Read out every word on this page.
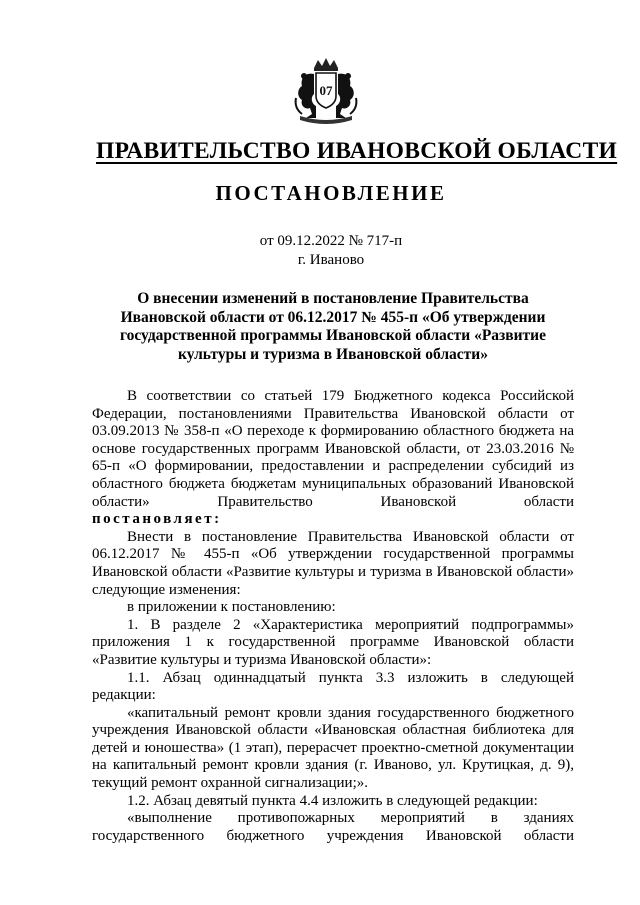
07
ПРАВИТЕЛЬСТВО ИВАНОВСКОЙ ОБЛАСТИ
ПОСТАНОВЛЕНИЕ
от 09.12.2022 № 717-п
г. Иваново
О внесении изменений в постановление Правительства
Ивановской области от 06.12.2017 № 455-п «Об утверждении
государственной программы Ивановской области «Развитие
культуры и туризма в Ивановской области»

В соответствии со статьей 179 Бюджетного кодекса Российской Федерации, постановлениями Правительства Ивановской области от 03.09.2013 № 358-п «О переходе к формированию областного бюджета на основе государственных программ Ивановской области, от 23.03.2016 № 65-п «О формировании, предоставлении и распределении субсидий из областного бюджета бюджетам муниципальных образований Ивановской области» Правительство Ивановской области

постановляет:

Внести в постановление Правительства Ивановской области от 06.12.2017 № 455-п «Об утверждении государственной программы Ивановской области «Развитие культуры и туризма в Ивановской области» следующие изменения:

в приложении к постановлению:

1. В разделе 2 «Характеристика мероприятий подпрограммы» приложения 1 к государственной программе Ивановской области «Развитие культуры и туризма Ивановской области»:

1.1. Абзац одиннадцатый пункта 3.3 изложить в следующей редакции:

«капитальный ремонт кровли здания государственного бюджетного учреждения Ивановской области «Ивановская областная библиотека для детей и юношества» (1 этап), перерасчет проектно-сметной документации на капитальный ремонт кровли здания (г. Иваново, ул. Крутицкая, д. 9), текущий ремонт охранной сигнализации;».

1.2. Абзац девятый пункта 4.4 изложить в следующей редакции:

«выполнение противопожарных мероприятий в зданиях государственного бюджетного учреждения Ивановской области
